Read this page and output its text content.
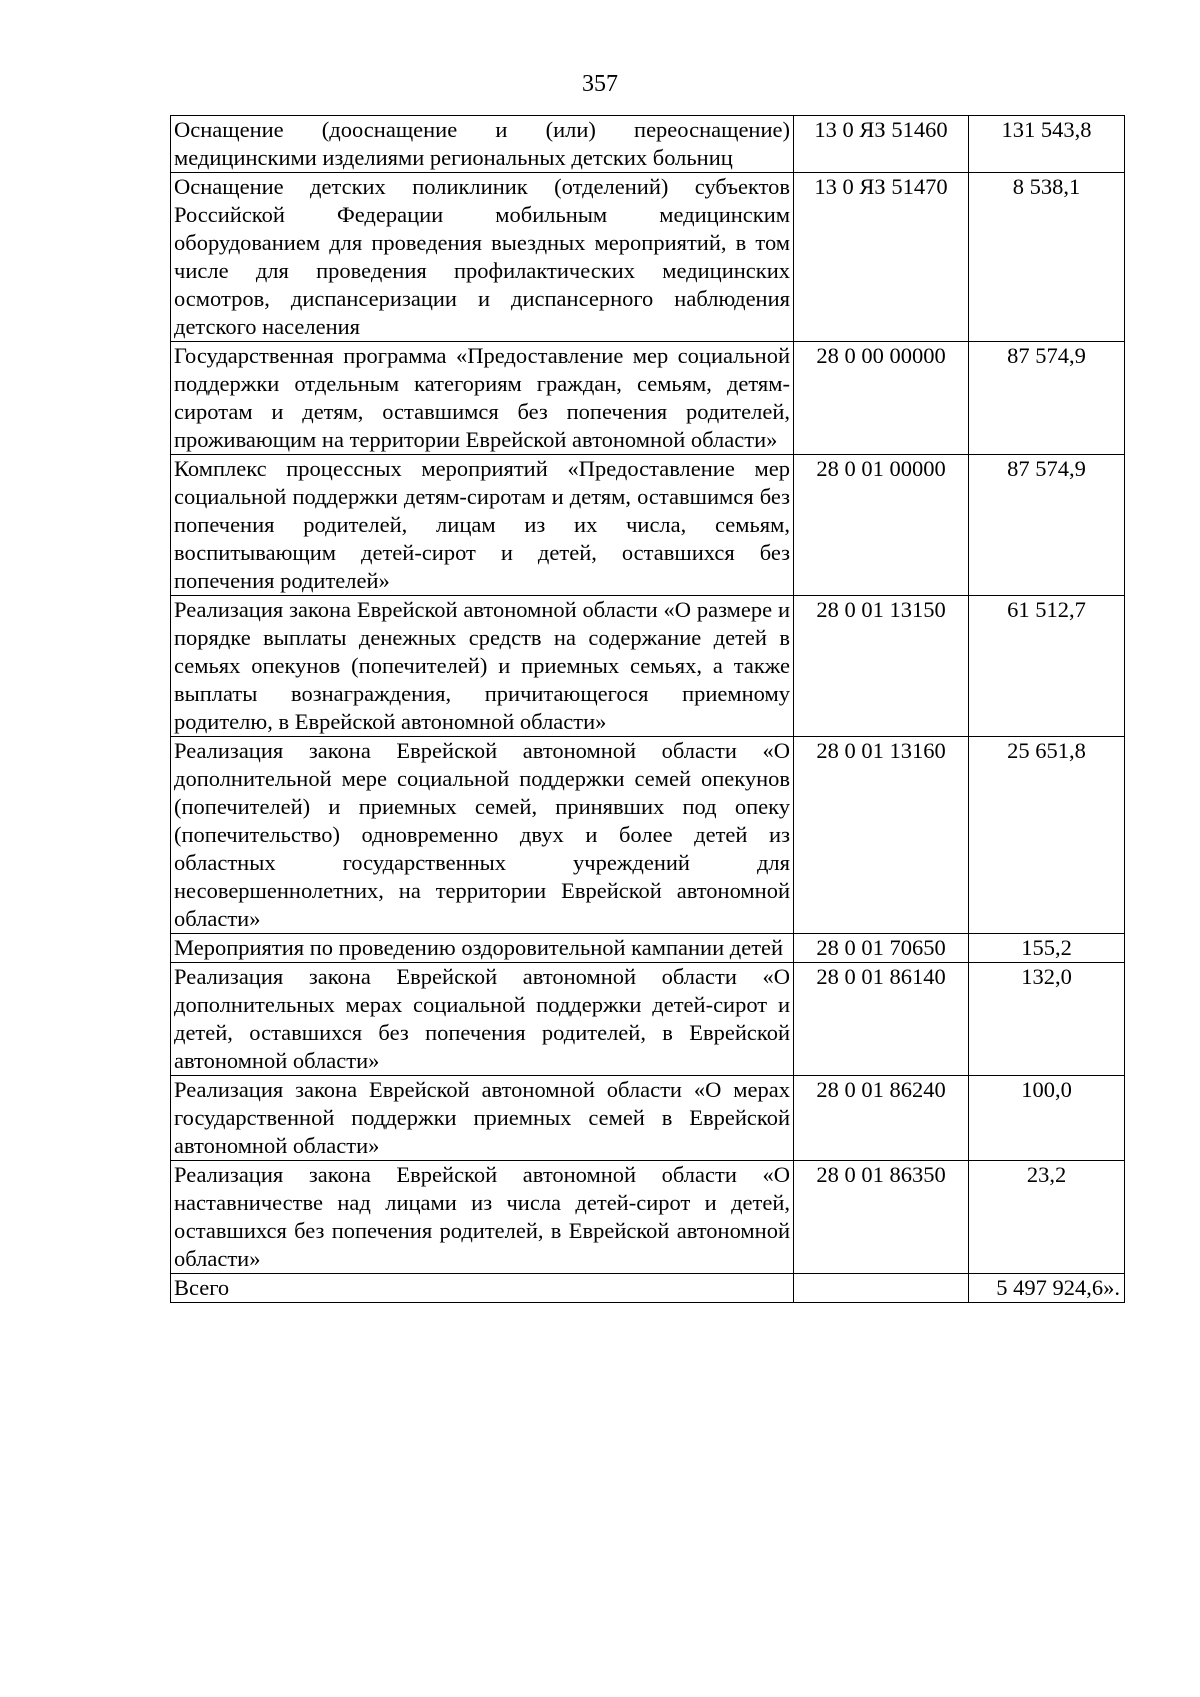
357
Оснащение (дооснащение и (или) переоснащение) медицинскими изделиями региональных детских больниц	13 0 ЯЗ 51460	131 543,8
Оснащение детских поликлиник (отделений) субъектов Российской Федерации мобильным медицинским оборудованием для проведения выездных мероприятий, в том числе для проведения профилактических медицинских осмотров, диспансеризации и диспансерного наблюдения детского населения	13 0 ЯЗ 51470	8 538,1
Государственная программа «Предоставление мер социальной поддержки отдельным категориям граждан, семьям, детям-сиротам и детям, оставшимся без попечения родителей, проживающим на территории Еврейской автономной области»	28 0 00 00000	87 574,9
Комплекс процессных мероприятий «Предоставление мер социальной поддержки детям-сиротам и детям, оставшимся без попечения родителей, лицам из их числа, семьям, воспитывающим детей-сирот и детей, оставшихся без попечения родителей»	28 0 01 00000	87 574,9
Реализация закона Еврейской автономной области «О размере и порядке выплаты денежных средств на содержание детей в семьях опекунов (попечителей) и приемных семьях, а также выплаты вознаграждения, причитающегося приемному родителю, в Еврейской автономной области»	28 0 01 13150	61 512,7
Реализация закона Еврейской автономной области «О дополнительной мере социальной поддержки семей опекунов (попечителей) и приемных семей, принявших под опеку (попечительство) одновременно двух и более детей из областных государственных учреждений для несовершеннолетних, на территории Еврейской автономной области»	28 0 01 13160	25 651,8
Мероприятия по проведению оздоровительной кампании детей	28 0 01 70650	155,2
Реализация закона Еврейской автономной области «О дополнительных мерах социальной поддержки детей-сирот и детей, оставшихся без попечения родителей, в Еврейской автономной области»	28 0 01 86140	132,0
Реализация закона Еврейской автономной области «О мерах государственной поддержки приемных семей в Еврейской автономной области»	28 0 01 86240	100,0
Реализация закона Еврейской автономной области «О наставничестве над лицами из числа детей-сирот и детей, оставшихся без попечения родителей, в Еврейской автономной области»	28 0 01 86350	23,2
Всего		5 497 924,6».
